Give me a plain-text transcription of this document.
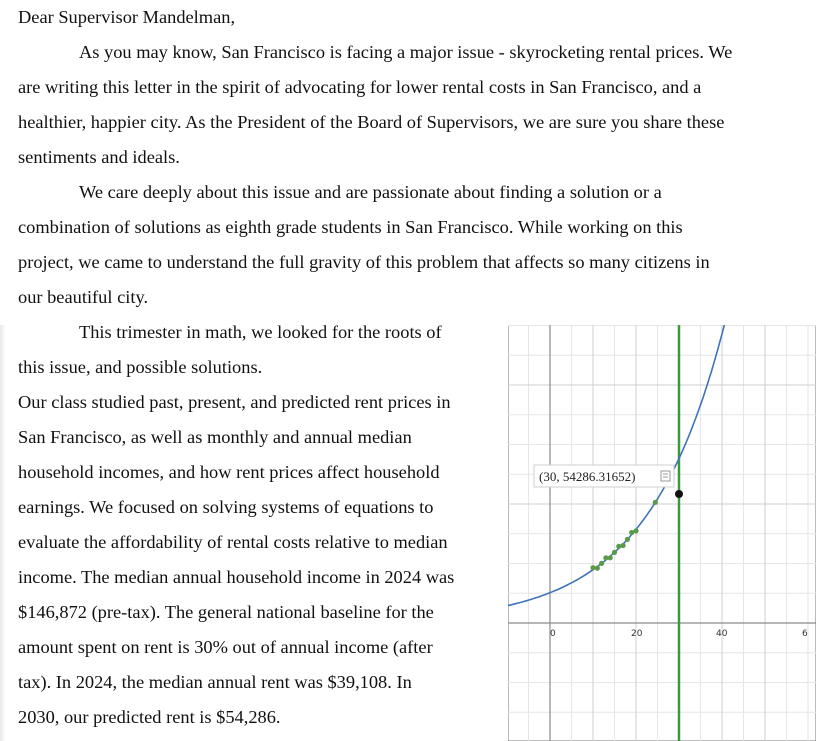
Dear Supervisor Mandelman,
As you may know, San Francisco is facing a major issue - skyrocketing rental prices. We
are writing this letter in the spirit of advocating for lower rental costs in San Francisco, and a
healthier, happier city. As the President of the Board of Supervisors, we are sure you share these
sentiments and ideals.
We care deeply about this issue and are passionate about finding a solution or a
combination of solutions as eighth grade students in San Francisco. While working on this
project, we came to understand the full gravity of this problem that affects so many citizens in
our beautiful city.
This trimester in math, we looked for the roots of
this issue, and possible solutions.
Our class studied past, present, and predicted rent prices in
San Francisco, as well as monthly and annual median
household incomes, and how rent prices affect household
earnings. We focused on solving systems of equations to
evaluate the affordability of rental costs relative to median
income. The median annual household income in 2024 was
$146,872 (pre-tax). The general national baseline for the
amount spent on rent is 30% out of annual income (after
tax). In 2024, the median annual rent was $39,108. In
2030, our predicted rent is $54,286.
0	20	40	6
(30, 54286.31652)
